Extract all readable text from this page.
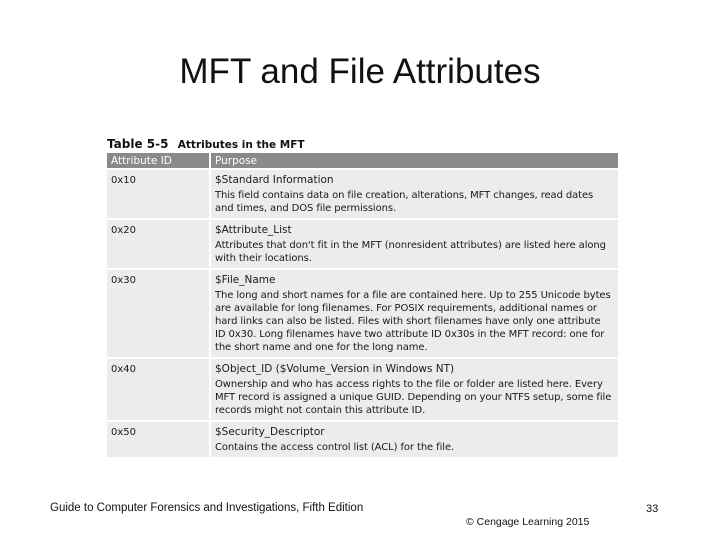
MFT and File Attributes
Table 5-5 Attributes in the MFT
Attribute ID	Purpose
0x10	$Standard Information
This field contains data on file creation, alterations, MFT changes, read dates and times, and DOS file permissions.

0x20	$Attribute_List
Attributes that don't fit in the MFT (nonresident attributes) are listed here along with their locations.

0x30	$File_Name
The long and short names for a file are contained here. Up to 255 Unicode bytes are available for long filenames. For POSIX requirements, additional names or hard links can also be listed. Files with short filenames have only one attribute ID 0x30. Long filenames have two attribute ID 0x30s in the MFT record: one for the short name and one for the long name.

0x40	$Object_ID ($Volume_Version in Windows NT)
Ownership and who has access rights to the file or folder are listed here. Every MFT record is assigned a unique GUID. Depending on your NTFS setup, some file records might not contain this attribute ID.

0x50	$Security_Descriptor
Contains the access control list (ACL) for the file.
Guide to Computer Forensics and Investigations, Fifth Edition
© Cengage Learning 2015
33
